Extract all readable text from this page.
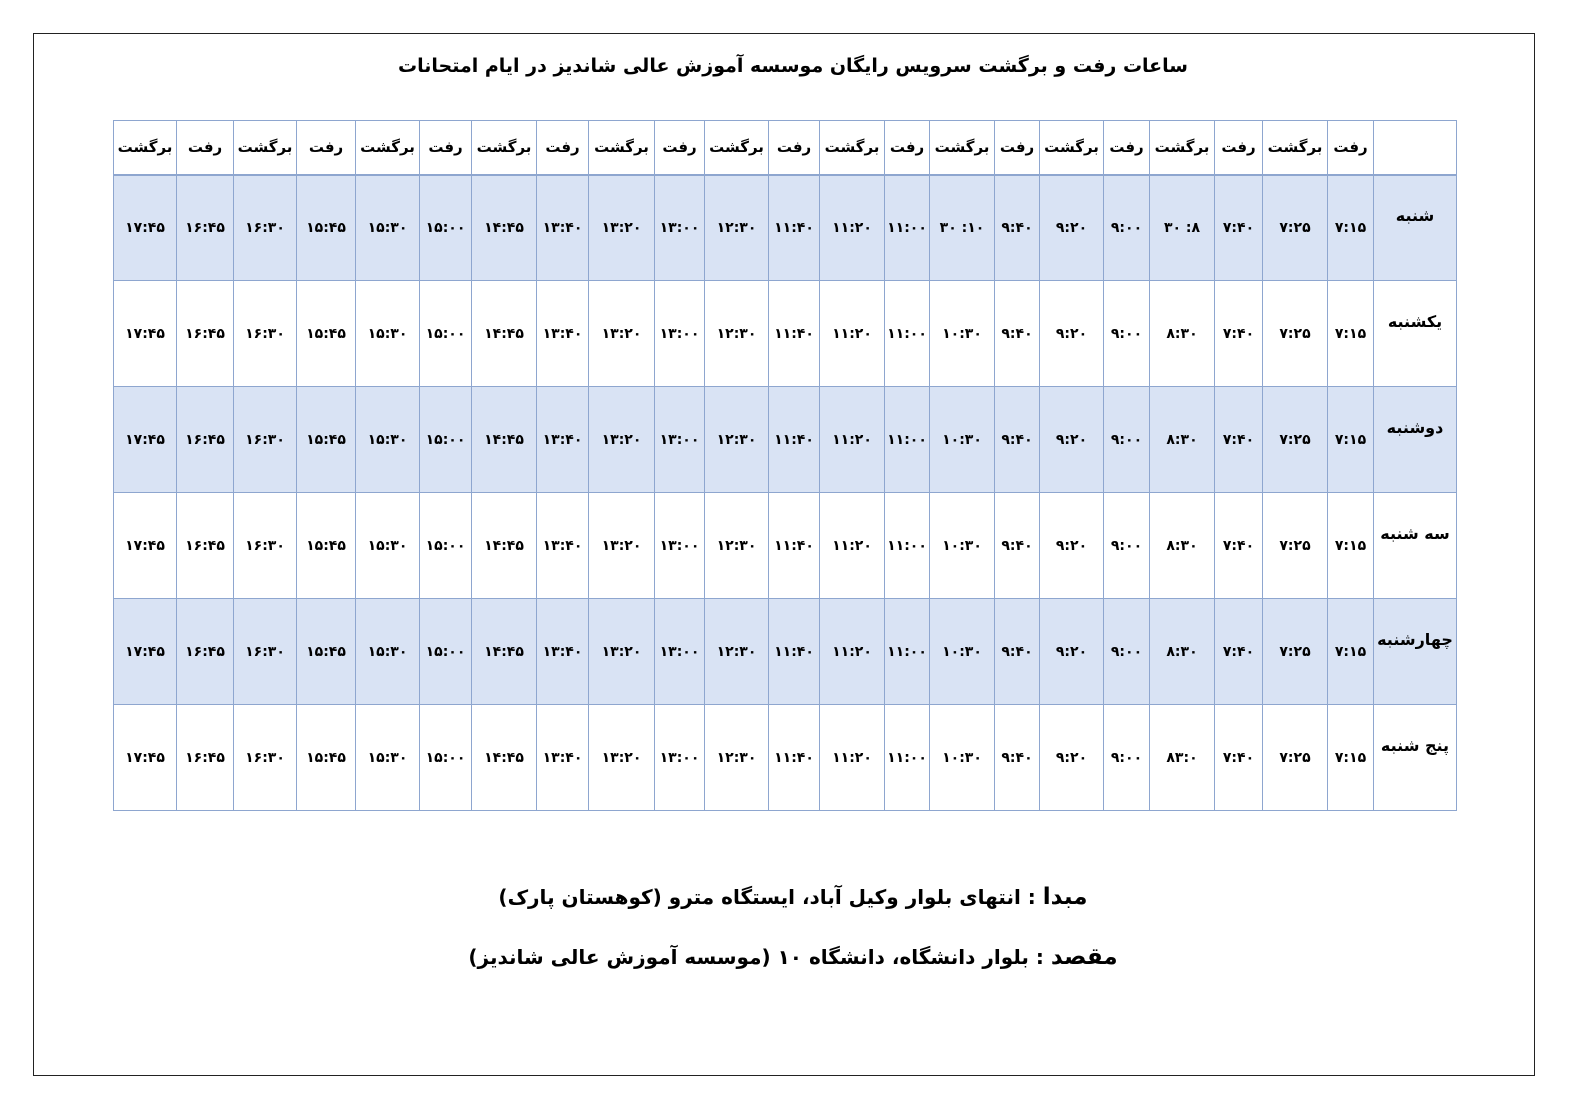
ساعات رفت و برگشت سرویس رایگان موسسه آموزش عالی شاندیز در ایام امتحانات
	رفت	برگشت	رفت	برگشت	رفت	برگشت	رفت	برگشت	رفت	برگشت	رفت	برگشت	رفت	برگشت	رفت	برگشت	رفت	برگشت	رفت	برگشت	رفت	برگشت
شنبه	۷:۱۵	۷:۲۵	۷:۴۰	۸: ۳۰	۹:۰۰	۹:۲۰	۹:۴۰	۱۰: ۳۰	۱۱:۰۰	۱۱:۲۰	۱۱:۴۰	۱۲:۳۰	۱۳:۰۰	۱۳:۲۰	۱۳:۴۰	۱۴:۴۵	۱۵:۰۰	۱۵:۳۰	۱۵:۴۵	۱۶:۳۰	۱۶:۴۵	۱۷:۴۵
یکشنبه	۷:۱۵	۷:۲۵	۷:۴۰	۸:۳۰	۹:۰۰	۹:۲۰	۹:۴۰	۱۰:۳۰	۱۱:۰۰	۱۱:۲۰	۱۱:۴۰	۱۲:۳۰	۱۳:۰۰	۱۳:۲۰	۱۳:۴۰	۱۴:۴۵	۱۵:۰۰	۱۵:۳۰	۱۵:۴۵	۱۶:۳۰	۱۶:۴۵	۱۷:۴۵
دوشنبه	۷:۱۵	۷:۲۵	۷:۴۰	۸:۳۰	۹:۰۰	۹:۲۰	۹:۴۰	۱۰:۳۰	۱۱:۰۰	۱۱:۲۰	۱۱:۴۰	۱۲:۳۰	۱۳:۰۰	۱۳:۲۰	۱۳:۴۰	۱۴:۴۵	۱۵:۰۰	۱۵:۳۰	۱۵:۴۵	۱۶:۳۰	۱۶:۴۵	۱۷:۴۵
سه شنبه	۷:۱۵	۷:۲۵	۷:۴۰	۸:۳۰	۹:۰۰	۹:۲۰	۹:۴۰	۱۰:۳۰	۱۱:۰۰	۱۱:۲۰	۱۱:۴۰	۱۲:۳۰	۱۳:۰۰	۱۳:۲۰	۱۳:۴۰	۱۴:۴۵	۱۵:۰۰	۱۵:۳۰	۱۵:۴۵	۱۶:۳۰	۱۶:۴۵	۱۷:۴۵
چهارشنبه	۷:۱۵	۷:۲۵	۷:۴۰	۸:۳۰	۹:۰۰	۹:۲۰	۹:۴۰	۱۰:۳۰	۱۱:۰۰	۱۱:۲۰	۱۱:۴۰	۱۲:۳۰	۱۳:۰۰	۱۳:۲۰	۱۳:۴۰	۱۴:۴۵	۱۵:۰۰	۱۵:۳۰	۱۵:۴۵	۱۶:۳۰	۱۶:۴۵	۱۷:۴۵
پنج شنبه	۷:۱۵	۷:۲۵	۷:۴۰	۸۳:۰	۹:۰۰	۹:۲۰	۹:۴۰	۱۰:۳۰	۱۱:۰۰	۱۱:۲۰	۱۱:۴۰	۱۲:۳۰	۱۳:۰۰	۱۳:۲۰	۱۳:۴۰	۱۴:۴۵	۱۵:۰۰	۱۵:۳۰	۱۵:۴۵	۱۶:۳۰	۱۶:۴۵	۱۷:۴۵
مبدا : انتهای بلوار وکیل آباد، ایستگاه مترو (کوهستان پارک)
مقصد : بلوار دانشگاه، دانشگاه ۱۰ (موسسه آموزش عالی شاندیز)
